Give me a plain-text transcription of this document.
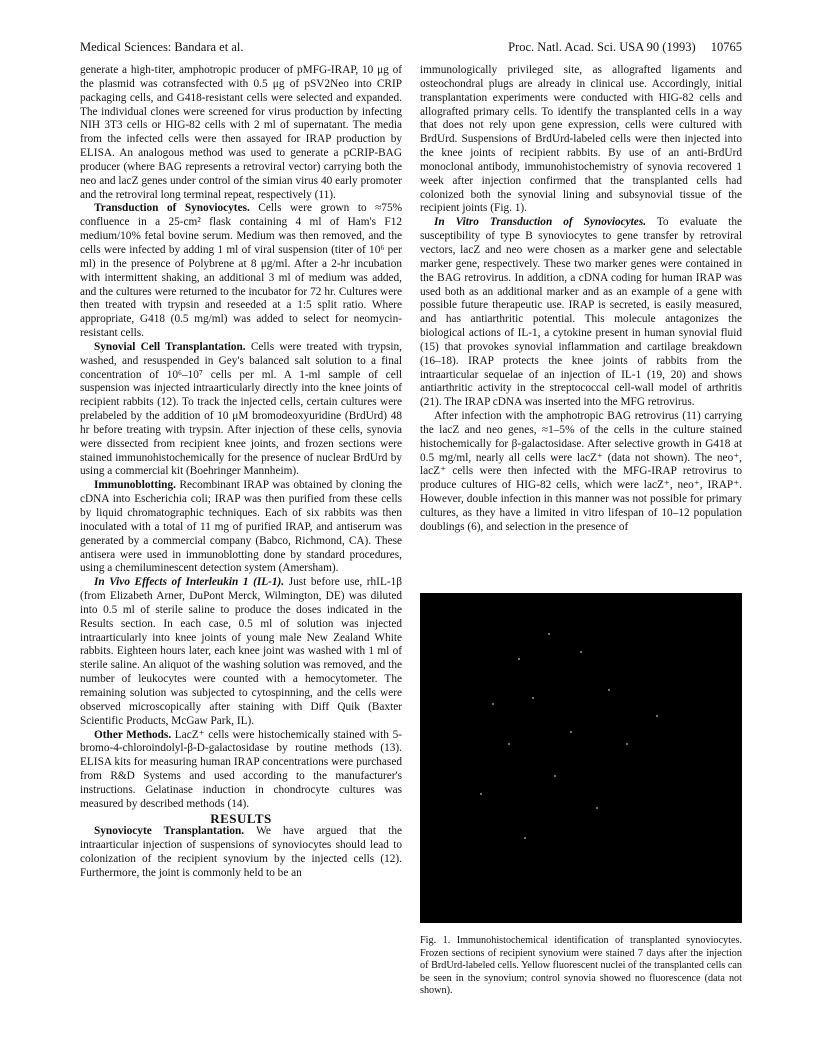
Medical Sciences: Bandara et al.	Proc. Natl. Acad. Sci. USA 90 (1993) 10765

generate a high-titer, amphotropic producer of pMFG-IRAP, 10 μg of the plasmid was cotransfected with 0.5 μg of pSV2Neo into CRIP packaging cells, and G418-resistant cells were selected and expanded. The individual clones were screened for virus production by infecting NIH 3T3 cells or HIG-82 cells with 2 ml of supernatant. The media from the infected cells were then assayed for IRAP production by ELISA. An analogous method was used to generate a pCRIP-BAG producer (where BAG represents a retroviral vector) carrying both the neo and lacZ genes under control of the simian virus 40 early promoter and the retroviral long terminal repeat, respectively (11).

Transduction of Synoviocytes. Cells were grown to ≈75% confluence in a 25-cm² flask containing 4 ml of Ham's F12 medium/10% fetal bovine serum. Medium was then removed, and the cells were infected by adding 1 ml of viral suspension (titer of 10⁶ per ml) in the presence of Polybrene at 8 μg/ml. After a 2-hr incubation with intermittent shaking, an additional 3 ml of medium was added, and the cultures were returned to the incubator for 72 hr. Cultures were then treated with trypsin and reseeded at a 1:5 split ratio. Where appropriate, G418 (0.5 mg/ml) was added to select for neomycin-resistant cells.

Synovial Cell Transplantation. Cells were treated with trypsin, washed, and resuspended in Gey's balanced salt solution to a final concentration of 10⁶–10⁷ cells per ml. A 1-ml sample of cell suspension was injected intraarticularly directly into the knee joints of recipient rabbits (12). To track the injected cells, certain cultures were prelabeled by the addition of 10 μM bromodeoxyuridine (BrdUrd) 48 hr before treating with trypsin. After injection of these cells, synovia were dissected from recipient knee joints, and frozen sections were stained immunohistochemically for the presence of nuclear BrdUrd by using a commercial kit (Boehringer Mannheim).

Immunoblotting. Recombinant IRAP was obtained by cloning the cDNA into Escherichia coli; IRAP was then purified from these cells by liquid chromatographic techniques. Each of six rabbits was then inoculated with a total of 11 mg of purified IRAP, and antiserum was generated by a commercial company (Babco, Richmond, CA). These antisera were used in immunoblotting done by standard procedures, using a chemiluminescent detection system (Amersham).

In Vivo Effects of Interleukin 1 (IL-1). Just before use, rhIL-1β (from Elizabeth Arner, DuPont Merck, Wilmington, DE) was diluted into 0.5 ml of sterile saline to produce the doses indicated in the Results section. In each case, 0.5 ml of solution was injected intraarticularly into knee joints of young male New Zealand White rabbits. Eighteen hours later, each knee joint was washed with 1 ml of sterile saline. An aliquot of the washing solution was removed, and the number of leukocytes were counted with a hemocytometer. The remaining solution was subjected to cytospinning, and the cells were observed microscopically after staining with Diff Quik (Baxter Scientific Products, McGaw Park, IL).

Other Methods. LacZ⁺ cells were histochemically stained with 5-bromo-4-chloroindolyl-β-D-galactosidase by routine methods (13). ELISA kits for measuring human IRAP concentrations were purchased from R&D Systems and used according to the manufacturer's instructions. Gelatinase induction in chondrocyte cultures was measured by described methods (14).

RESULTS

Synoviocyte Transplantation. We have argued that the intraarticular injection of suspensions of synoviocytes should lead to colonization of the recipient synovium by the injected cells (12). Furthermore, the joint is commonly held to be an

immunologically privileged site, as allografted ligaments and osteochondral plugs are already in clinical use. Accordingly, initial transplantation experiments were conducted with HIG-82 cells and allografted primary cells. To identify the transplanted cells in a way that does not rely upon gene expression, cells were cultured with BrdUrd. Suspensions of BrdUrd-labeled cells were then injected into the knee joints of recipient rabbits. By use of an anti-BrdUrd monoclonal antibody, immunohistochemistry of synovia recovered 1 week after injection confirmed that the transplanted cells had colonized both the synovial lining and subsynovial tissue of the recipient joints (Fig. 1).

In Vitro Transduction of Synoviocytes. To evaluate the susceptibility of type B synoviocytes to gene transfer by retroviral vectors, lacZ and neo were chosen as a marker gene and selectable marker gene, respectively. These two marker genes were contained in the BAG retrovirus. In addition, a cDNA coding for human IRAP was used both as an additional marker and as an example of a gene with possible future therapeutic use. IRAP is secreted, is easily measured, and has antiarthritic potential. This molecule antagonizes the biological actions of IL-1, a cytokine present in human synovial fluid (15) that provokes synovial inflammation and cartilage breakdown (16–18). IRAP protects the knee joints of rabbits from the intraarticular sequelae of an injection of IL-1 (19, 20) and shows antiarthritic activity in the streptococcal cell-wall model of arthritis (21). The IRAP cDNA was inserted into the MFG retrovirus.

After infection with the amphotropic BAG retrovirus (11) carrying the lacZ and neo genes, ≈1–5% of the cells in the culture stained histochemically for β-galactosidase. After selective growth in G418 at 0.5 mg/ml, nearly all cells were lacZ⁺ (data not shown). The neo⁺, lacZ⁺ cells were then infected with the MFG-IRAP retrovirus to produce cultures of HIG-82 cells, which were lacZ⁺, neo⁺, IRAP⁺. However, double infection in this manner was not possible for primary cultures, as they have a limited in vitro lifespan of 10–12 population doublings (6), and selection in the presence of

Fig. 1. Immunohistochemical identification of transplanted synoviocytes. Frozen sections of recipient synovium were stained 7 days after the injection of BrdUrd-labeled cells. Yellow fluorescent nuclei of the transplanted cells can be seen in the synovium; control synovia showed no fluorescence (data not shown).
